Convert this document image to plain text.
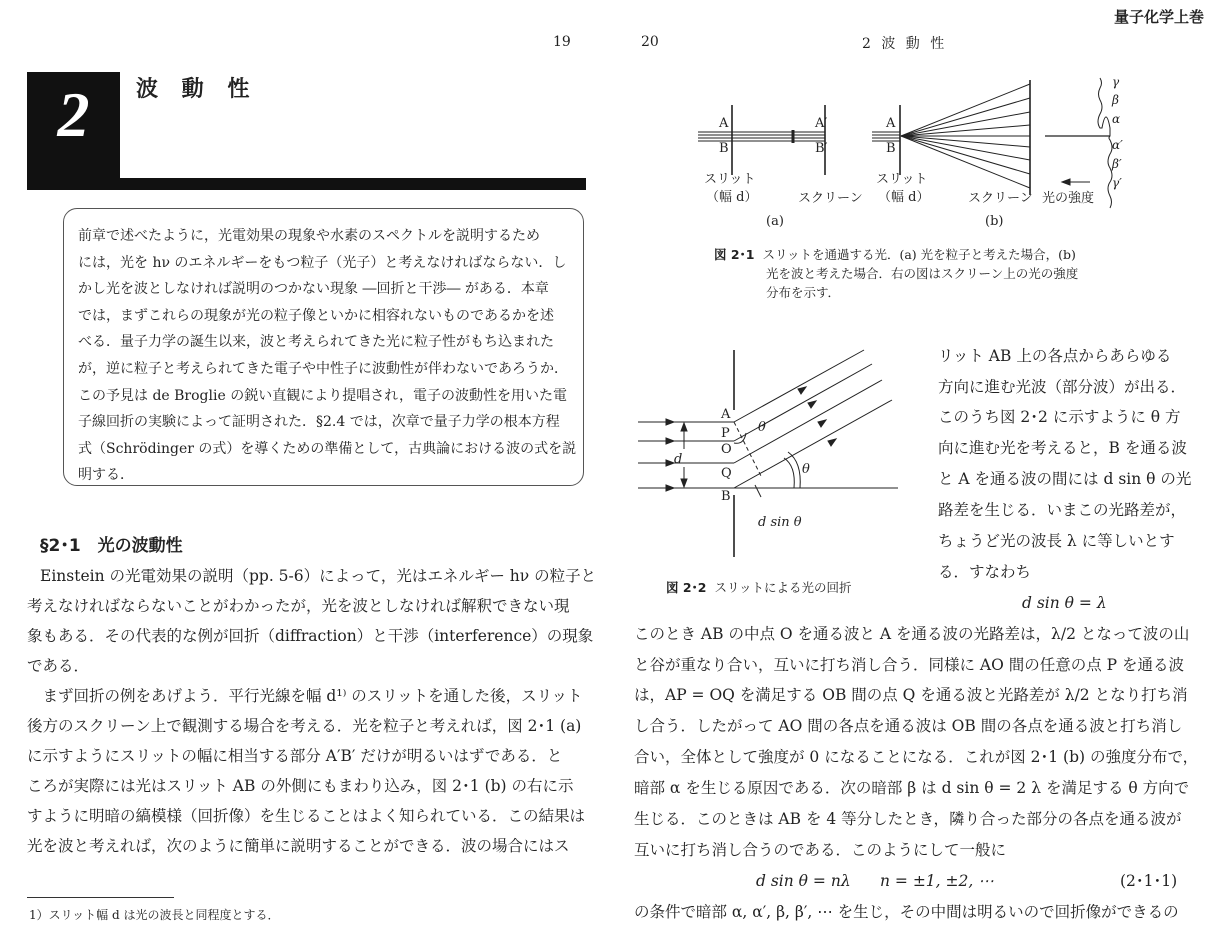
量子化学上巻
19	20	2 波 動 性
2	波 動 性
前章で述べたように，光電効果の現象や水素のスペクトルを説明するため
には，光を hν のエネルギーをもつ粒子（光子）と考えなければならない．し
かし光を波としなければ説明のつかない現象 ―回折と干渉― がある．本章
では，まずこれらの現象が光の粒子像といかに相容れないものであるかを述
べる．量子力学の誕生以来，波と考えられてきた光に粒子性がもち込まれた
が，逆に粒子と考えられてきた電子や中性子に波動性が伴わないであろうか．
この予見は de Broglie の鋭い直観により提唱され，電子の波動性を用いた電
子線回折の実験によって証明された．§2.4 では，次章で量子力学の根本方程
式（Schrödinger の式）を導くための準備として，古典論における波の式を説
明する．
§2･1　光の波動性
Einstein の光電効果の説明（pp. 5-6）によって，光はエネルギー hν の粒子と
考えなければならないことがわかったが，光を波としなければ解釈できない現
象もある．その代表的な例が回折（diffraction）と干渉（interference）の現象
である．
　まず回折の例をあげよう．平行光線を幅 d¹⁾ のスリットを通した後，スリット
後方のスクリーン上で観測する場合を考える．光を粒子と考えれば，図 2･1 (a)
に示すようにスリットの幅に相当する部分 A′B′ だけが明るいはずである．と
ころが実際には光はスリット AB の外側にもまわり込み，図 2･1 (b) の右に示
すように明暗の縞模様（回折像）を生じることはよく知られている．この結果は
光を波と考えれば，次のように簡単に説明することができる．波の場合にはス
1）スリット幅 d は光の波長と同程度とする．
A
B
A′
B′
A
B
スリット
（幅 d）	スクリーン
スリット
（幅 d）	スクリーン 光の強度
(a)	(b)
γ
β
α
α′
β′
γ′
図 2･1 スリットを通過する光．(a) 光を粒子と考えた場合，(b)
光を波と考えた場合．右の図はスクリーン上の光の強度
分布を示す．
A
P
O
Q
B
d
θ
θ
d sin θ
図 2･2 スリットによる光の回折
リット AB 上の各点からあらゆる
方向に進む光波（部分波）が出る．
このうち図 2･2 に示すように θ 方
向に進む光を考えると，B を通る波
と A を通る波の間には d sin θ の光
路差を生じる．いまこの光路差が，
ちょうど光の波長 λ に等しいとす
る．すなわち
d sin θ = λ
このとき AB の中点 O を通る波と A を通る波の光路差は，λ/2 となって波の山
と谷が重なり合い，互いに打ち消し合う．同様に AO 間の任意の点 P を通る波
は，AP = OQ を満足する OB 間の点 Q を通る波と光路差が λ/2 となり打ち消
し合う．したがって AO 間の各点を通る波は OB 間の各点を通る波と打ち消し
合い，全体として強度が 0 になることになる．これが図 2･1 (b) の強度分布で，
暗部 α を生じる原因である．次の暗部 β は d sin θ = 2 λ を満足する θ 方向で
生じる．このときは AB を 4 等分したとき，隣り合った部分の各点を通る波が
互いに打ち消し合うのである．このようにして一般に
d sin θ = nλ n = ±1, ±2, ⋯	(2･1･1)
の条件で暗部 α, α′, β, β′, ⋯ を生じ，その中間は明るいので回折像ができるの
